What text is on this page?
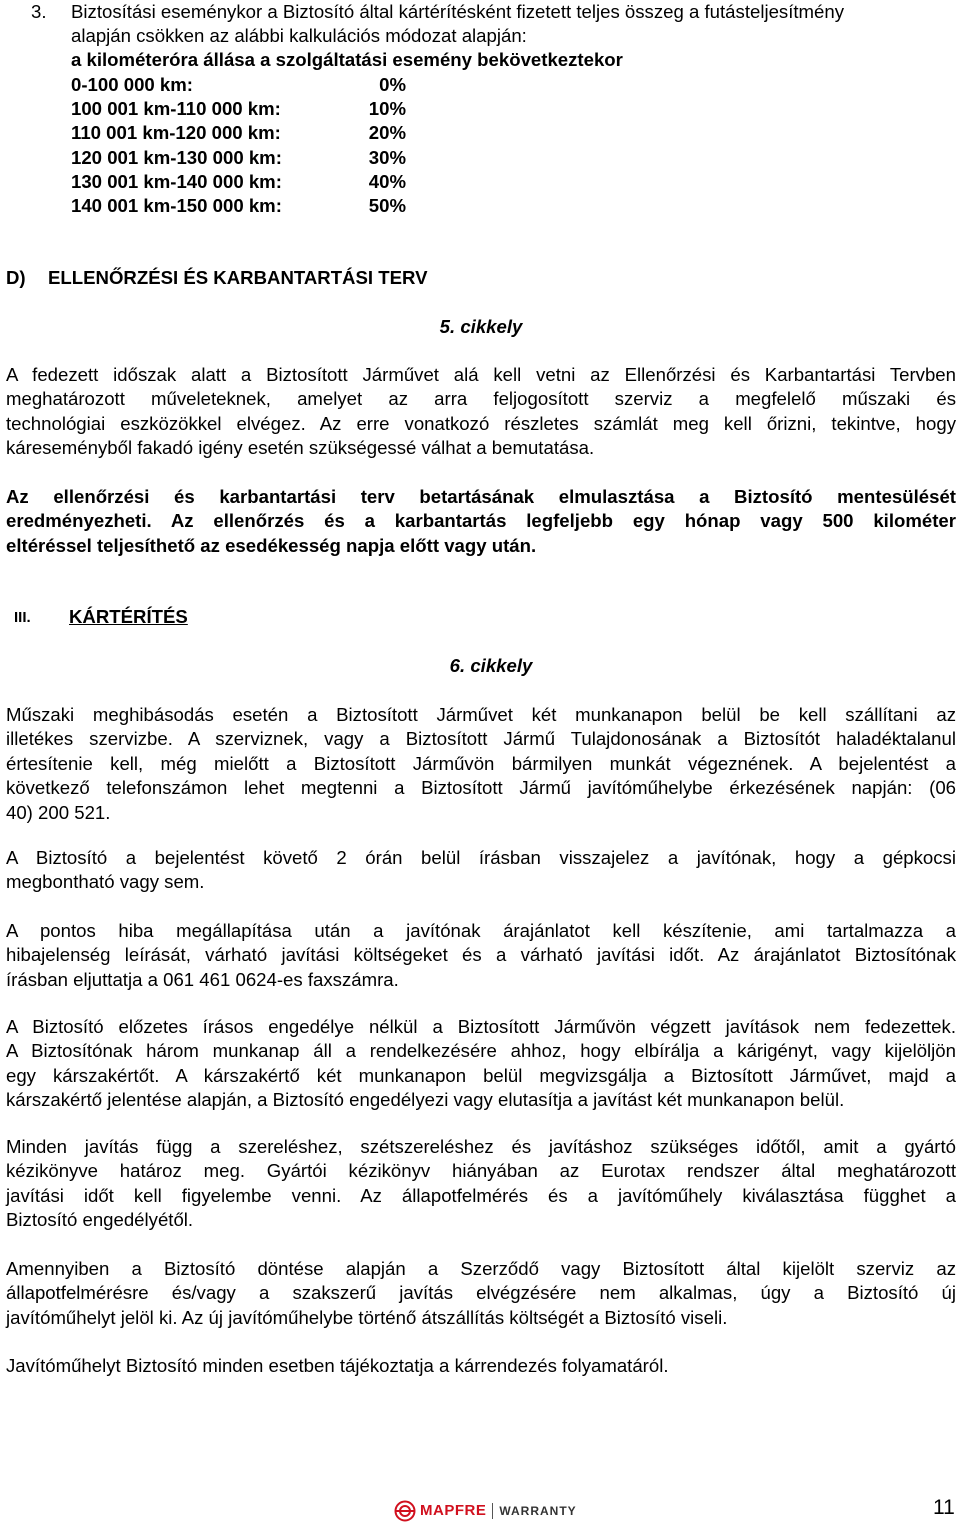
3. Biztosítási eseménykor a Biztosító által kártérítésként fizetett teljes összeg a futásteljesítmény
alapján csökken az alábbi kalkulációs módozat alapján:
a kilométeróra állása a szolgáltatási esemény bekövetkeztekor
0-100 000 km:	0%
100 001 km-110 000 km:	10%
110 001 km-120 000 km:	20%
120 001 km-130 000 km:	30%
130 001 km-140 000 km:	40%
140 001 km-150 000 km:	50%
D) ELLENŐRZÉSI ÉS KARBANTARTÁSI TERV
5. cikkely
A fedezett időszak alatt a Biztosított Járművet alá kell vetni az Ellenőrzési és Karbantartási Tervben
meghatározott műveleteknek, amelyet az arra feljogosított szerviz a megfelelő műszaki és
technológiai eszközökkel elvégez. Az erre vonatkozó részletes számlát meg kell őrizni, tekintve, hogy
káreseményből fakadó igény esetén szükségessé válhat a bemutatása.
Az ellenőrzési és karbantartási terv betartásának elmulasztása a Biztosító mentesülését
eredményezheti. Az ellenőrzés és a karbantartás legfeljebb egy hónap vagy 500 kilométer
eltéréssel teljesíthető az esedékesség napja előtt vagy után.
III. KÁRTÉRÍTÉS
6. cikkely
Műszaki meghibásodás esetén a Biztosított Járművet két munkanapon belül be kell szállítani az
illetékes szervizbe. A szerviznek, vagy a Biztosított Jármű Tulajdonosának a Biztosítót haladéktalanul
értesítenie kell, még mielőtt a Biztosított Járművön bármilyen munkát végeznének. A bejelentést a
következő telefonszámon lehet megtenni a Biztosított Jármű javítóműhelybe érkezésének napján: (06
40) 200 521.
A Biztosító a bejelentést követő 2 órán belül írásban visszajelez a javítónak, hogy a gépkocsi
megbontható vagy sem.
A pontos hiba megállapítása után a javítónak árajánlatot kell készítenie, ami tartalmazza a
hibajelenség leírását, várható javítási költségeket és a várható javítási időt. Az árajánlatot Biztosítónak
írásban eljuttatja a 061 461 0624-es faxszámra.
A Biztosító előzetes írásos engedélye nélkül a Biztosított Járművön végzett javítások nem fedezettek.
A Biztosítónak három munkanap áll a rendelkezésére ahhoz, hogy elbírálja a kárigényt, vagy kijelöljön
egy kárszakértőt. A kárszakértő két munkanapon belül megvizsgálja a Biztosított Járművet, majd a
kárszakértő jelentése alapján, a Biztosító engedélyezi vagy elutasítja a javítást két munkanapon belül.
Minden javítás függ a szereléshez, szétszereléshez és javításhoz szükséges időtől, amit a gyártó
kézikönyve határoz meg. Gyártói kézikönyv hiányában az Eurotax rendszer által meghatározott
javítási időt kell figyelembe venni. Az állapotfelmérés és a javítóműhely kiválasztása függhet a
Biztosító engedélyétől.
Amennyiben a Biztosító döntése alapján a Szerződő vagy Biztosított által kijelölt szerviz az
állapotfelmérésre és/vagy a szakszerű javítás elvégzésére nem alkalmas, úgy a Biztosító új
javítóműhelyt jelöl ki. Az új javítóműhelybe történő átszállítás költségét a Biztosító viseli.
Javítóműhelyt Biztosító minden esetben tájékoztatja a kárrendezés folyamatáról.
MAPFRE WARRANTY	11
